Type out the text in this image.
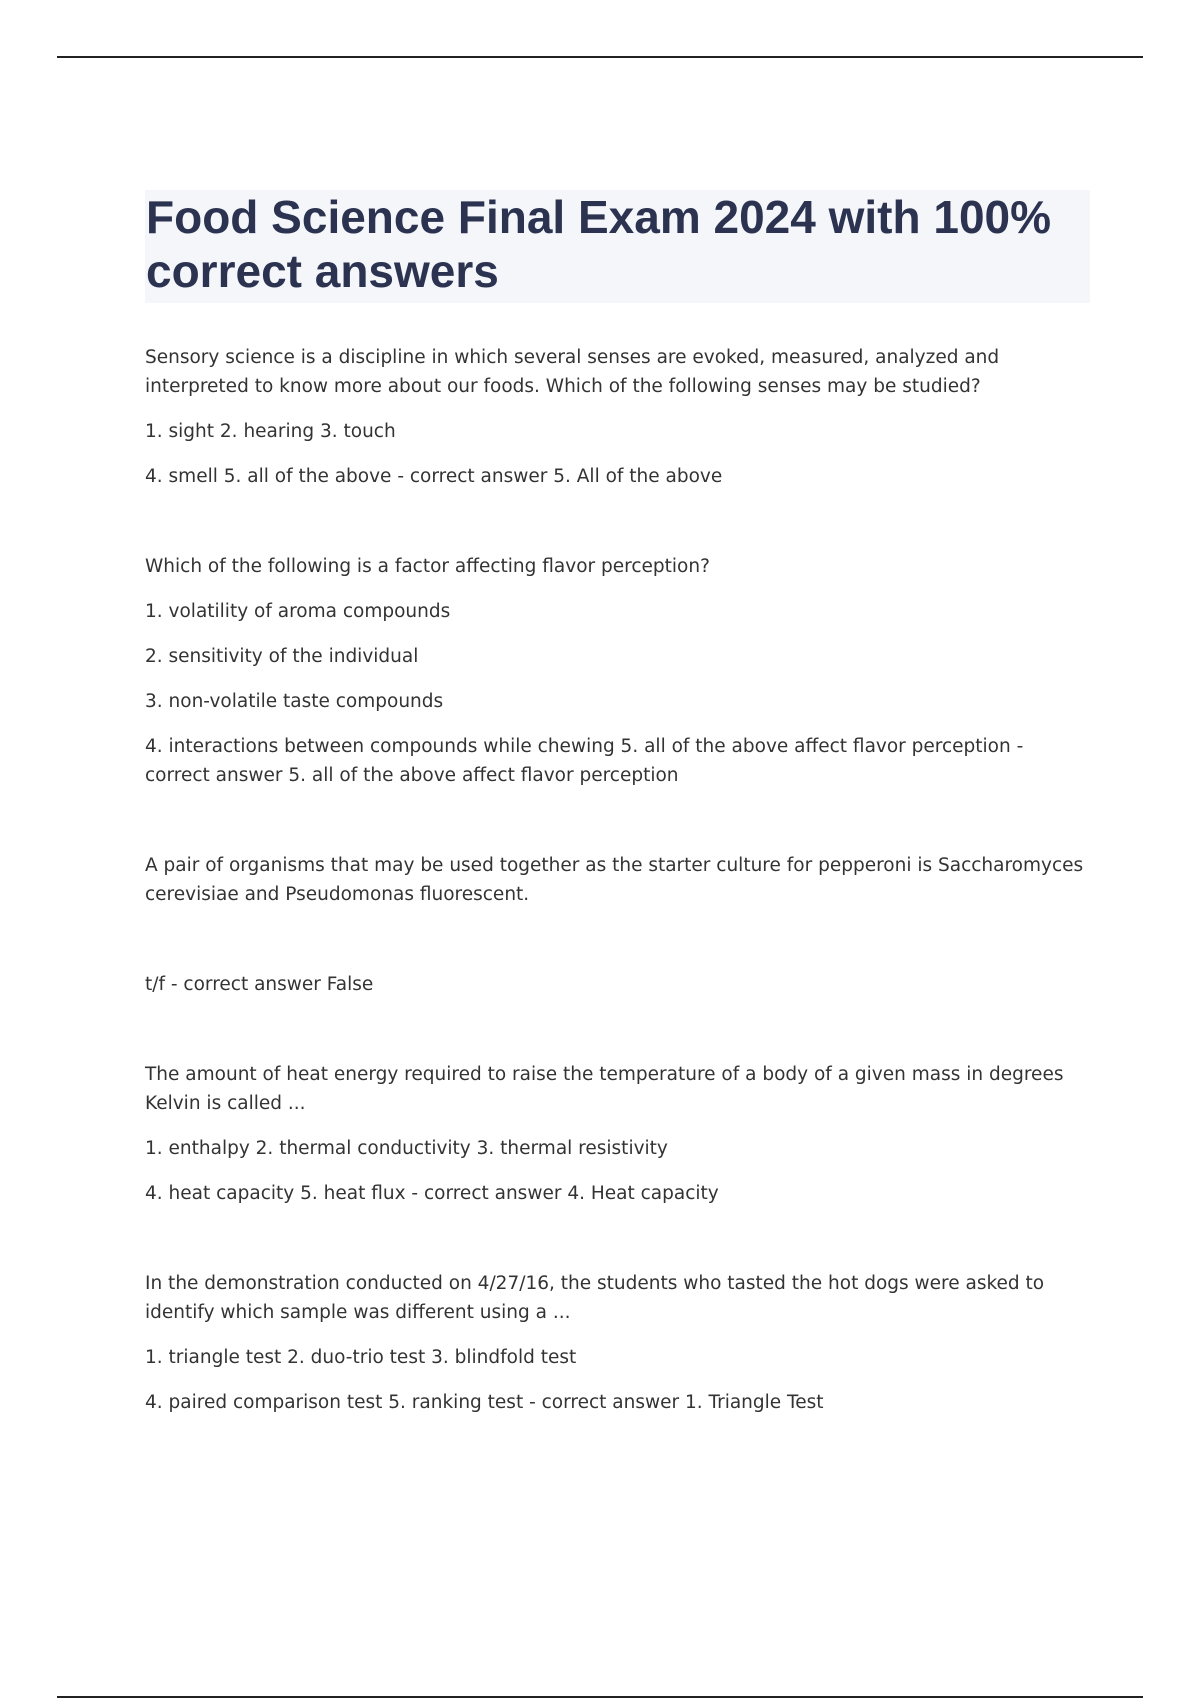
Food Science Final Exam 2024 with 100% correct answers

Sensory science is a discipline in which several senses are evoked, measured, analyzed and interpreted to know more about our foods. Which of the following senses may be studied?

1. sight 2. hearing 3. touch

4. smell 5. all of the above - correct answer 5. All of the above

Which of the following is a factor affecting flavor perception?

1. volatility of aroma compounds

2. sensitivity of the individual

3. non-volatile taste compounds

4. interactions between compounds while chewing 5. all of the above affect flavor perception - correct answer 5. all of the above affect flavor perception

A pair of organisms that may be used together as the starter culture for pepperoni is Saccharomyces cerevisiae and Pseudomonas fluorescent.

t/f - correct answer False

The amount of heat energy required to raise the temperature of a body of a given mass in degrees Kelvin is called ...

1. enthalpy 2. thermal conductivity 3. thermal resistivity

4. heat capacity 5. heat flux - correct answer 4. Heat capacity

In the demonstration conducted on 4/27/16, the students who tasted the hot dogs were asked to identify which sample was different using a ...

1. triangle test 2. duo-trio test 3. blindfold test

4. paired comparison test 5. ranking test - correct answer 1. Triangle Test
